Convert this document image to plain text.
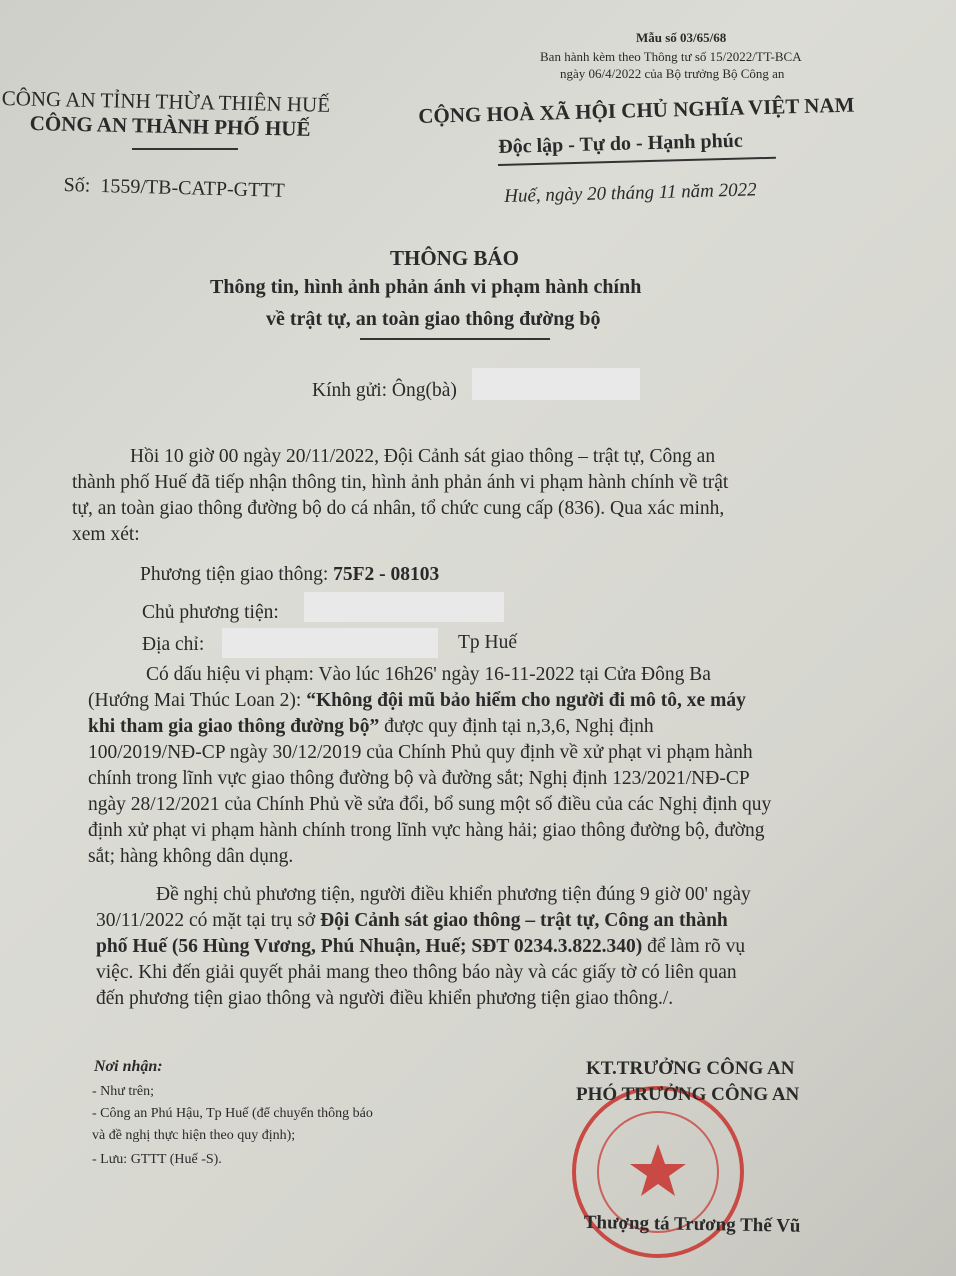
Mẫu số 03/65/68
Ban hành kèm theo Thông tư số 15/2022/TT-BCA
ngày 06/4/2022 của Bộ trưởng Bộ Công an
CÔNG AN TỈNH THỪA THIÊN HUẾ
CÔNG AN THÀNH PHỐ HUẾ	CỘNG HOÀ XÃ HỘI CHỦ NGHĨA VIỆT NAM
Độc lập - Tự do - Hạnh phúc
Số: 1559/TB-CATP-GTTT	Huế, ngày 20 tháng 11 năm 2022
THÔNG BÁO
Thông tin, hình ảnh phản ánh vi phạm hành chính
về trật tự, an toàn giao thông đường bộ
Kính gửi: Ông(bà)
Hồi 10 giờ 00 ngày 20/11/2022, Đội Cảnh sát giao thông – trật tự, Công an
thành phố Huế đã tiếp nhận thông tin, hình ảnh phản ánh vi phạm hành chính về trật
tự, an toàn giao thông đường bộ do cá nhân, tổ chức cung cấp (836). Qua xác minh,
xem xét:
Phương tiện giao thông: 75F2 - 08103
Chủ phương tiện:
Địa chỉ:	Tp Huế
Có dấu hiệu vi phạm: Vào lúc 16h26' ngày 16-11-2022 tại Cửa Đông Ba
(Hướng Mai Thúc Loan 2): “Không đội mũ bảo hiểm cho người đi mô tô, xe máy
khi tham gia giao thông đường bộ” được quy định tại n,3,6, Nghị định
100/2019/NĐ-CP ngày 30/12/2019 của Chính Phủ quy định về xử phạt vi phạm hành
chính trong lĩnh vực giao thông đường bộ và đường sắt; Nghị định 123/2021/NĐ-CP
ngày 28/12/2021 của Chính Phủ về sửa đổi, bổ sung một số điều của các Nghị định quy
định xử phạt vi phạm hành chính trong lĩnh vực hàng hải; giao thông đường bộ, đường
sắt; hàng không dân dụng.
Đề nghị chủ phương tiện, người điều khiển phương tiện đúng 9 giờ 00' ngày
30/11/2022 có mặt tại trụ sở Đội Cảnh sát giao thông – trật tự, Công an thành
phố Huế (56 Hùng Vương, Phú Nhuận, Huế; SĐT 0234.3.822.340) để làm rõ vụ
việc. Khi đến giải quyết phải mang theo thông báo này và các giấy tờ có liên quan
đến phương tiện giao thông và người điều khiển phương tiện giao thông./.
Nơi nhận:
- Như trên;
- Công an Phú Hậu, Tp Huế (để chuyển thông báo
và đề nghị thực hiện theo quy định);
- Lưu: GTTT (Huế -S).
KT.TRƯỞNG CÔNG AN
PHÓ TRƯỞNG CÔNG AN
Thượng tá Trương Thế Vũ
